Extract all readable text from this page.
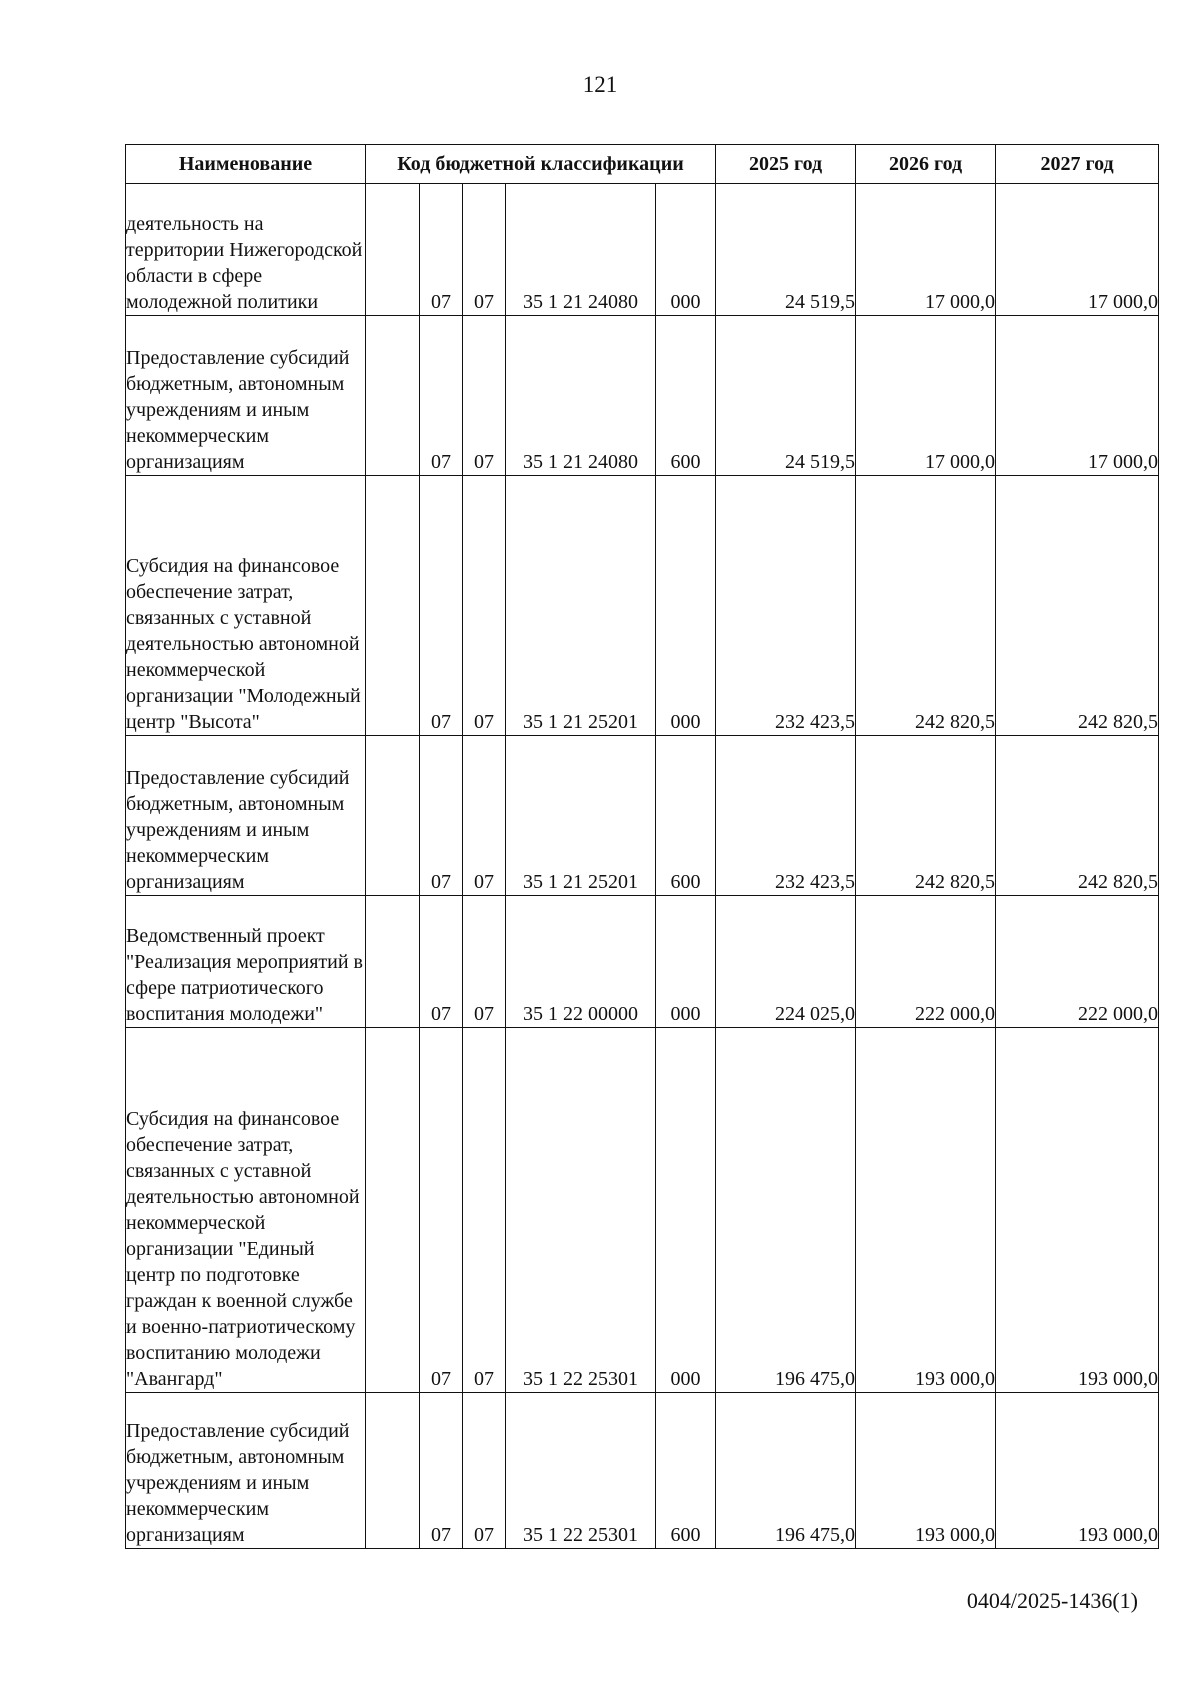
121
Наименование	Код бюджетной классификации					2025 год	2026 год	2027 год
деятельность на территории Нижегородской области в сфере молодежной политики		07	07	35 1 21 24080	000	24 519,5	17 000,0	17 000,0
Предоставление субсидий бюджетным, автономным учреждениям и иным некоммерческим организациям		07	07	35 1 21 24080	600	24 519,5	17 000,0	17 000,0
Субсидия на финансовое обеспечение затрат, связанных с уставной деятельностью автономной некоммерческой организации "Молодежный центр "Высота"		07	07	35 1 21 25201	000	232 423,5	242 820,5	242 820,5
Предоставление субсидий бюджетным, автономным учреждениям и иным некоммерческим организациям		07	07	35 1 21 25201	600	232 423,5	242 820,5	242 820,5
Ведомственный проект "Реализация мероприятий в сфере патриотического воспитания молодежи"		07	07	35 1 22 00000	000	224 025,0	222 000,0	222 000,0
Субсидия на финансовое обеспечение затрат, связанных с уставной деятельностью автономной некоммерческой организации "Единый центр по подготовке граждан к военной службе и военно-патриотическому воспитанию молодежи "Авангард"		07	07	35 1 22 25301	000	196 475,0	193 000,0	193 000,0
Предоставление субсидий бюджетным, автономным учреждениям и иным некоммерческим организациям		07	07	35 1 22 25301	600	196 475,0	193 000,0	193 000,0
0404/2025-1436(1)
